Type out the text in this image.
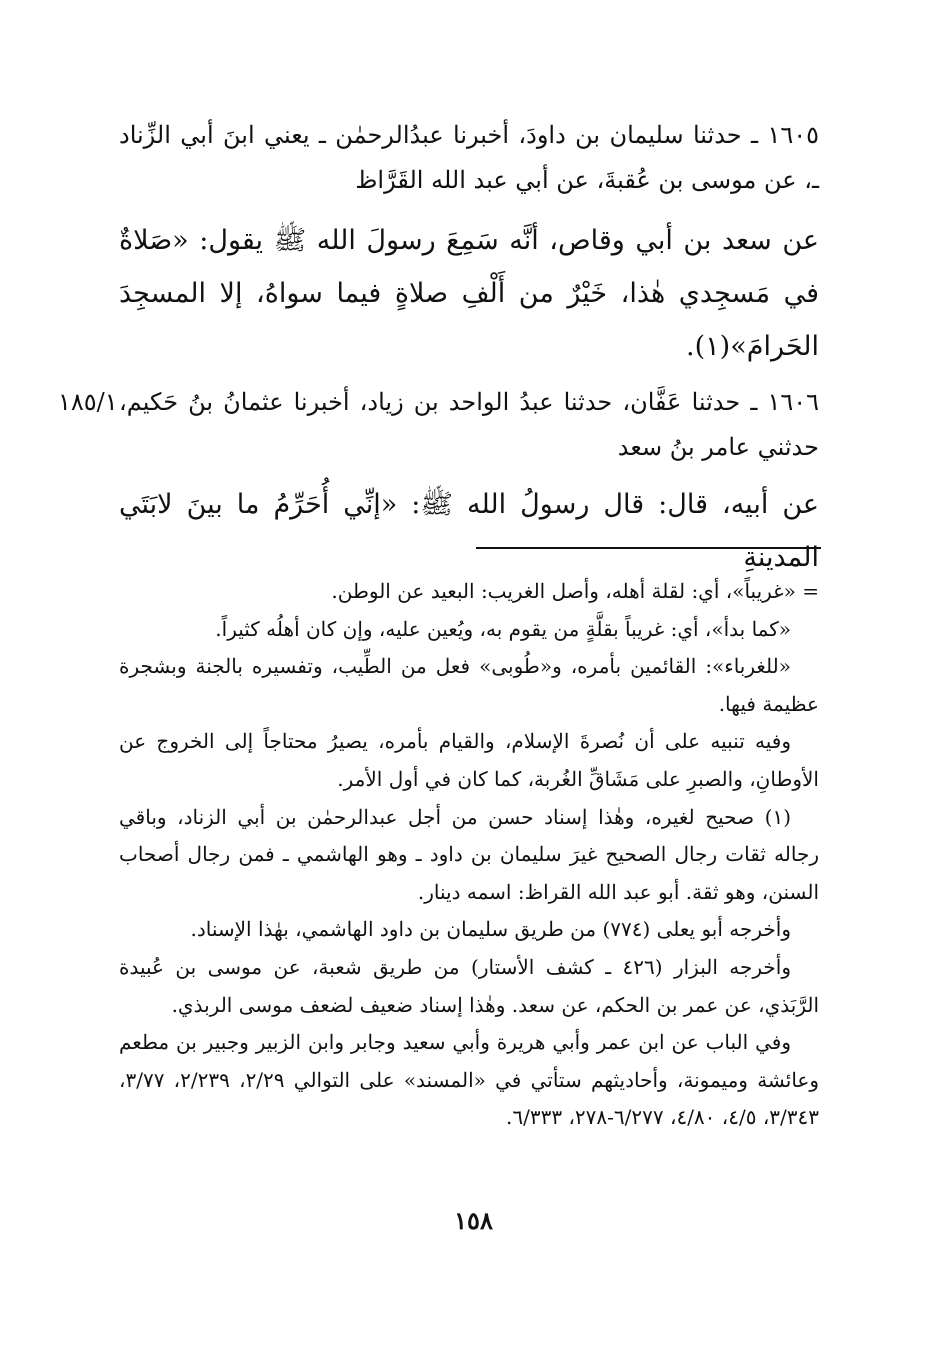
١٦٠٥ ـ حدثنا سليمان بن داودَ، أخبرنا عبدُالرحمٰن ـ يعني ابنَ أبي الزِّناد ـ، عن موسى بن عُقبةَ، عن أبي عبد الله القَرَّاظ
عن سعد بن أبي وقاص، أنَّه سَمِعَ رسولَ الله ﷺ يقول: «صَلاةٌ في مَسجِدي هٰذا، خَيْرٌ من أَلْفِ صلاةٍ فيما سواهُ، إلا المسجِدَ الحَرامَ»(١).
١٨٥/١ ١٦٠٦ ـ حدثنا عَفَّان، حدثنا عبدُ الواحد بن زياد، أخبرنا عثمانُ بنُ حَكيم، حدثني عامر بنُ سعد
عن أبيه، قال: قال رسولُ الله ﷺ: «إنِّي أُحَرِّمُ ما بينَ لابَتَي المدينةِ

= «غريباً»، أي: لقلة أهله، وأصل الغريب: البعيد عن الوطن.

«كما بدأ»، أي: غريباً بقلَّةٍ من يقوم به، ويُعين عليه، وإن كان أهلُه كثيراً.

«للغرباء»: القائمين بأمره، و«طُوبى» فعل من الطِّيب، وتفسيره بالجنة وبشجرة عظيمة فيها.

وفيه تنبيه على أن نُصرةَ الإسلام، والقيام بأمره، يصيرُ محتاجاً إلى الخروج عن الأوطانِ، والصبرِ على مَشَاقِّ الغُربة، كما كان في أول الأمر.

(١) صحيح لغيره، وهٰذا إسناد حسن من أجل عبدالرحمٰن بن أبي الزناد، وباقي رجاله ثقات رجال الصحيح غيرَ سليمان بن داود ـ وهو الهاشمي ـ فمن رجال أصحاب السنن، وهو ثقة. أبو عبد الله القراظ: اسمه دينار.

وأخرجه أبو يعلى (٧٧٤) من طريق سليمان بن داود الهاشمي، بهٰذا الإسناد.

وأخرجه البزار (٤٢٦ ـ كشف الأستار) من طريق شعبة، عن موسى بن عُبيدة الرَّبَذي، عن عمر بن الحكم، عن سعد. وهٰذا إسناد ضعيف لضعف موسى الربذي.

وفي الباب عن ابن عمر وأبي هريرة وأبي سعيد وجابر وابن الزبير وجبير بن مطعم وعائشة وميمونة، وأحاديثهم ستأتي في «المسند» على التوالي ٢/٢٩، ٢/٢٣٩، ٣/٧٧، ٣/٣٤٣، ٤/٥، ٤/٨٠، ٦/٢٧٧-٢٧٨، ٦/٣٣٣.

١٥٨
